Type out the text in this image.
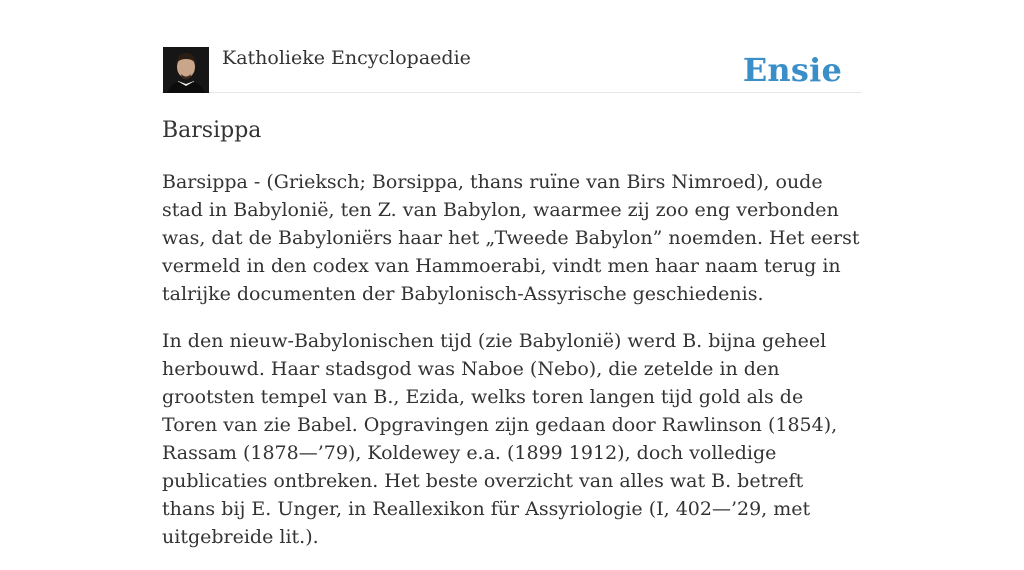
Katholieke Encyclopaedie	Ensie
Barsippa

Barsippa - (Grieksch; Borsippa, thans ruïne van Birs Nimroed), oude stad in Babylonië, ten Z. van Babylon, waarmee zij zoo eng verbonden was, dat de Babyloniërs haar het „Tweede Babylon” noemden. Het eerst vermeld in den codex van Hammoerabi, vindt men haar naam terug in talrijke documenten der Babylonisch-Assyrische geschiedenis.

In den nieuw-Babylonischen tijd (zie Babylonië) werd B. bijna geheel herbouwd. Haar stadsgod was Naboe (Nebo), die zetelde in den grootsten tempel van B., Ezida, welks toren langen tijd gold als de Toren van zie Babel. Opgravingen zijn gedaan door Rawlinson (1854), Rassam (1878—’79), Koldewey e.a. (1899 1912), doch volledige publicaties ontbreken. Het beste overzicht van alles wat B. betreft thans bij E. Unger, in Reallexikon für Assyriologie (I, 402—’29, met uitgebreide lit.).
